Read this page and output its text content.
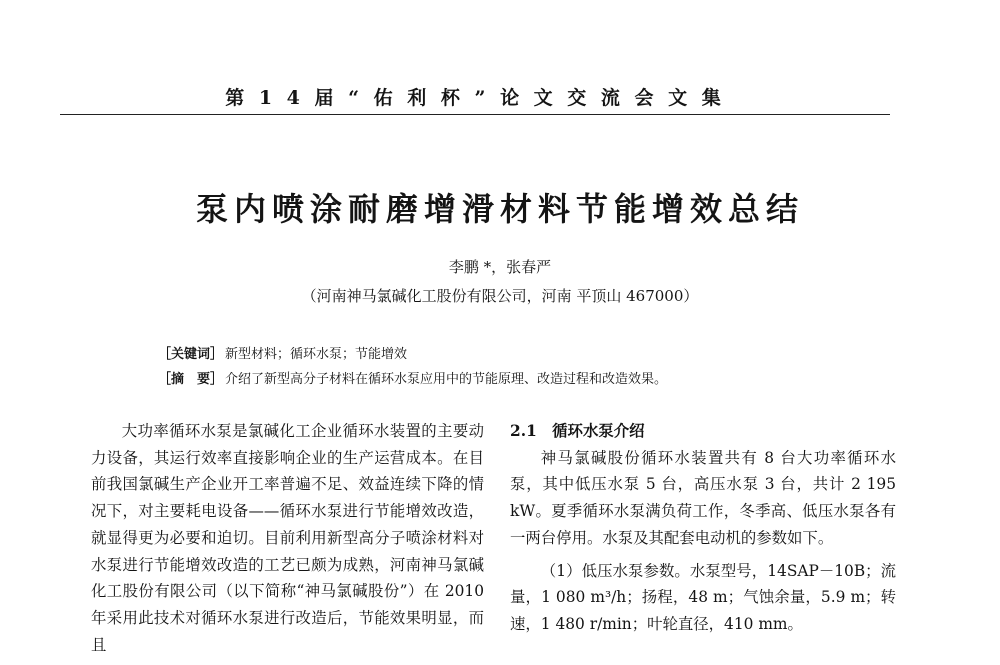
第 1 4 届 “ 佑 利 杯 ” 论 文 交 流 会 文 集
泵内喷涂耐磨增滑材料节能增效总结
李鹏 *，张春严
（河南神马氯碱化工股份有限公司，河南 平顶山 467000）
［关键词］ 新型材料；循环水泵；节能增效
［摘　要］ 介绍了新型高分子材料在循环水泵应用中的节能原理、改造过程和改造效果。

大功率循环水泵是氯碱化工企业循环水装置的主要动力设备，其运行效率直接影响企业的生产运营成本。在目前我国氯碱生产企业开工率普遍不足、效益连续下降的情况下，对主要耗电设备——循环水泵进行节能增效改造，就显得更为必要和迫切。目前利用新型高分子喷涂材料对水泵进行节能增效改造的工艺已颇为成熟，河南神马氯碱化工股份有限公司（以下简称“神马氯碱股份”）在 2010 年采用此技术对循环水泵进行改造后，节能效果明显，而且

2.1　循环水泵介绍

神马氯碱股份循环水装置共有 8 台大功率循环水泵，其中低压水泵 5 台，高压水泵 3 台，共计 2 195 kW。夏季循环水泵满负荷工作，冬季高、低压水泵各有一两台停用。水泵及其配套电动机的参数如下。

（1）低压水泵参数。水泵型号，14SAP－10B；流量，1 080 m³/h；扬程，48 m；气蚀余量，5.9 m；转速，1 480 r/min；叶轮直径，410 mm。
